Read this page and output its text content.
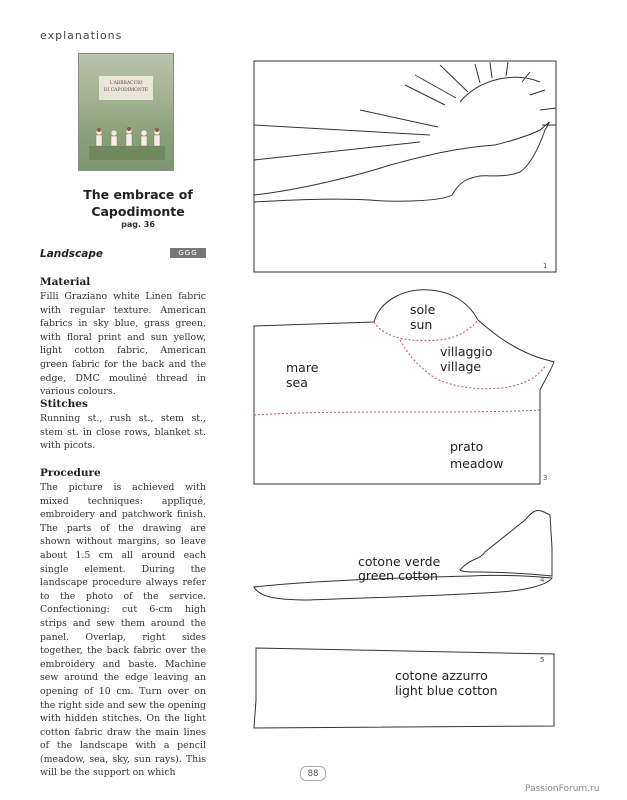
explanations
L'ABBRACCIO
DI CAPODIMONTE
The embrace of
Capodimonte
pag. 36
Landscape	GGG
Material
Filli Graziano white Linen fabric with regular texture. American fabrics in sky blue, grass green, with floral print and sun yellow, light cotton fabric, American green fabric for the back and the edge, DMC mouliné thread in various colours.
Stitches
Running st., rush st., stem st., stem st. in close rows, blanket st. with picots.
Procedure
The picture is achieved with mixed techniques: appliqué, embroidery and patchwork finish. The parts of the drawing are shown without margins, so leave about 1.5 cm all around each single element. During the landscape procedure always refer to the photo of the service. Confectioning: cut 6-cm high strips and sew them around the panel. Overlap, right sides together, the back fabric over the embroidery and baste. Machine sew around the edge leaving an opening of 10 cm. Turn over on the right side and sew the opening with hidden stitches. On the light cotton fabric draw the main lines of the landscape with a pencil (meadow, sea, sky, sun rays). This will be the support on which
1
sole
sun
villaggio
village
mare
sea
prato
meadow
3
cotone verde
green cotton	4
cotone azzurro
light blue cotton
5
88
PassionForum.ru
